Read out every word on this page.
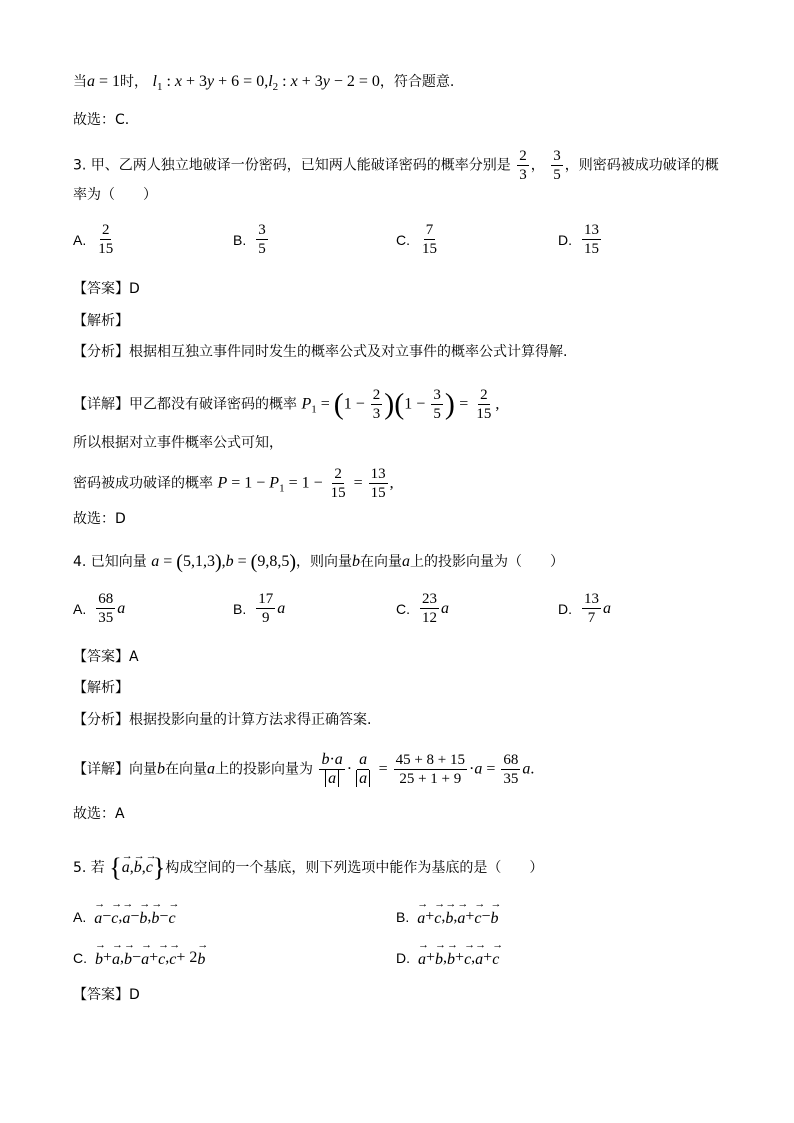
当a = 1时， $l_1$ : $x + 3y + 6 = 0,l_2$ : x + 3y − 2 = 0，符合题意.
故选：C.
3. 甲、乙两人独立地破译一份密码，已知两人能破译密码的概率分别是 $\frac{2}{3}$ ， $\frac{3}{5}$ ，则密码被成功破译的概
率为（　　）
A. $\frac{2}{15}$	B. $\frac{3}{5}$	C. $\frac{7}{15}$	D. $\frac{13}{15}$
【答案】D
【解析】
【分析】根据相互独立事件同时发生的概率公式及对立事件的概率公式计算得解.
【详解】甲乙都没有破译密码的概率 $P_1 = (1 - \frac{2}{3} )(1 - \frac{3}{5}$ ) = $\frac{2}{15}$ ,
所以根据对立事件概率公式可知，
密码被成功破译的概率 $P = 1 - P_1 = 1 - \frac{2}{15} = \frac{13}{15}$ ,
故选：D
4. 已知向量 a = (5,1,3),b = (9,8,5)，则向量b在向量a上的投影向量为（　　）
A. $\frac{68}{35}$ a	B. $\frac{17}{9}$ a	C. $\frac{23}{12}$ a	D. $\frac{13}{7}$ a
【答案】A
【解析】
【分析】根据投影向量的计算方法求得正确答案.
【详解】向量b在向量a上的投影向量为 $\frac{b\cdot a}{a} \cdot \frac{a}{a} = \frac{45 + 8 + 15}{25 + 1 + 9} \cdot a = \frac{68}{35} a$.
故选：A
5. 若 {→ a,→ b,→ c}构成空间的一个基底，则下列选项中能作为基底的是（　　）
A. → a − → c , → a − → b , → b − → c	B. → a + → c , → b , → a + → c − → b
C. → b + → a , → b − → a + → c , → c + 2 → b	D. → a + → b , → b + → c , → a + → c
【答案】D
